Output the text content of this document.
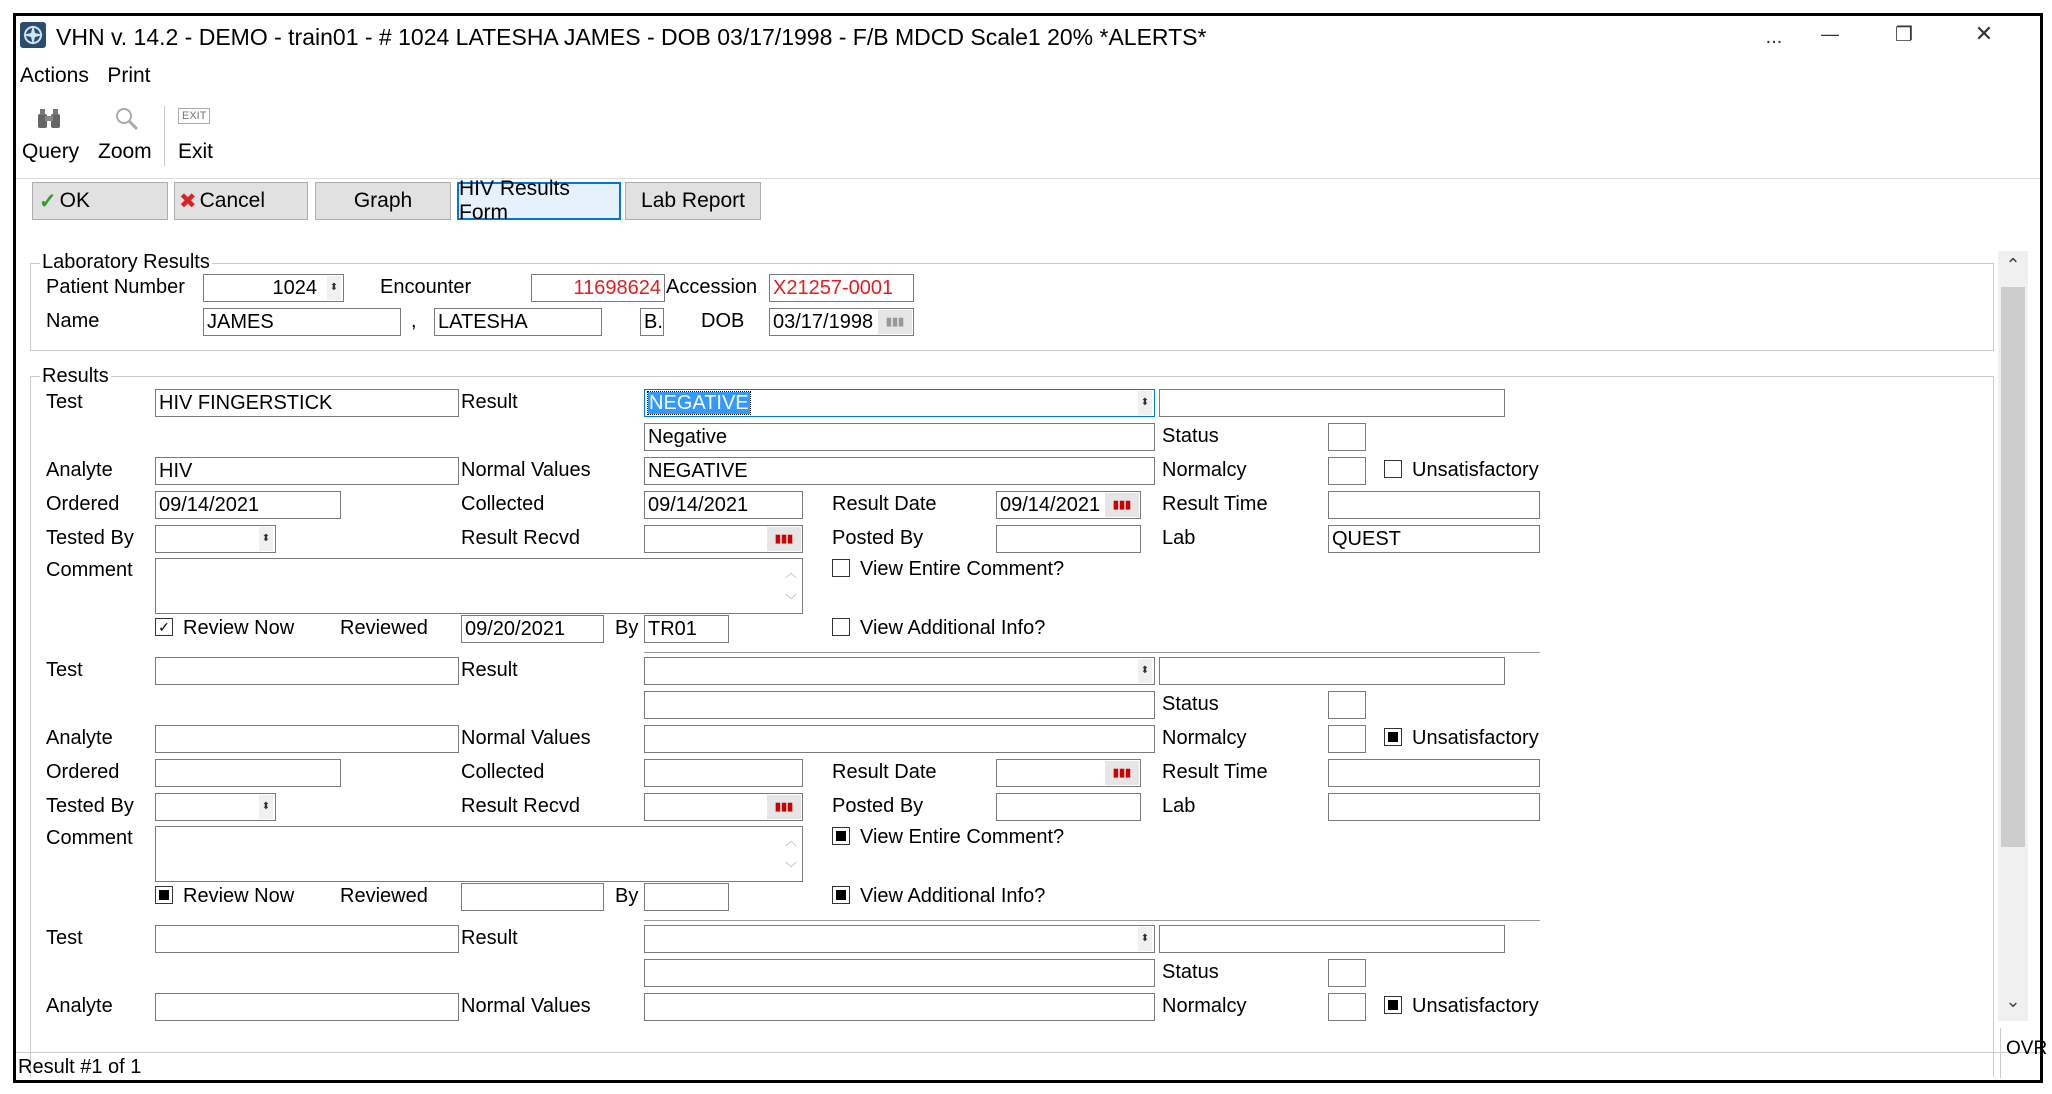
VHN v. 14.2 - DEMO - train01 - # 1024 LATESHA JAMES - DOB 03/17/1998 - F/B MDCD Scale1 20% *ALERTS*	...	—	❐	✕
Actions Print
Query Zoom
EXIT
Exit
✓ OK	✖ Cancel	Graph
HIV Results Form
Lab Report
Laboratory Results
Patient Number	1024 ⬍ Encounter	11698624 Accession X21257-0001
Name	JAMES	, LATESHA	B. DOB 03/17/1998	▮▮▮
Results
Test	HIV FINGERSTICK	Result	NEGATIVE	⬍
Negative	Status
Analyte HIV	Normal Values	NEGATIVE	Normalcy	Unsatisfactory
Ordered 09/14/2021	Collected	09/14/2021	Result Date	09/14/2021	▮▮▮	Result Time
Tested By	⬍	Result Recvd	▮▮▮	Posted By	Lab	QUEST
Comment	︿
﹀
View Entire Comment?
✓ Review Now Reviewed 09/20/2021	By TR01	View Additional Info?
Test	Result	⬍
Status
Analyte	Normal Values	Normalcy	Unsatisfactory
Ordered	Collected	Result Date	▮▮▮	Result Time
Tested By	⬍	Result Recvd	▮▮▮	Posted By	Lab
Comment	︿
﹀
View Entire Comment?
Review Now Reviewed	By	View Additional Info?
Test	Result	⬍
Status
Analyte	Normal Values	Normalcy	Unsatisfactory
⌃
⌄
Result #1 of 1
OVR
